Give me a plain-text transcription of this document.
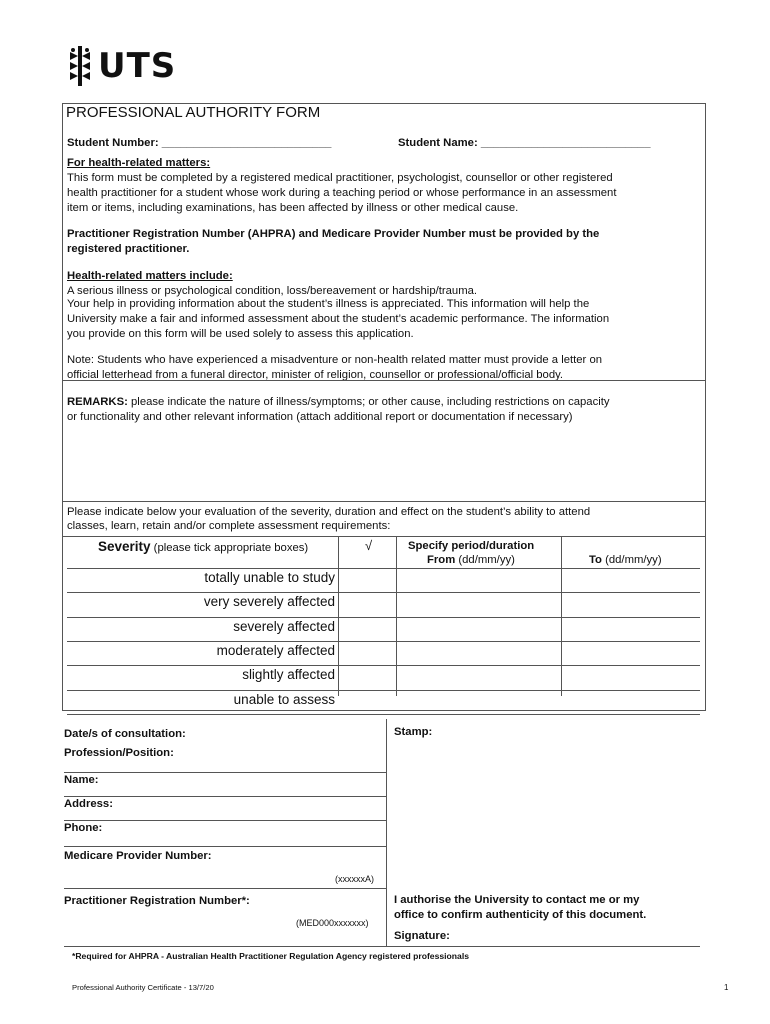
UTS
PROFESSIONAL AUTHORITY FORM
Student Number: ___________________________	Student Name: ___________________________
For health-related matters:
This form must be completed by a registered medical practitioner, psychologist, counsellor or other registered
health practitioner for a student whose work during a teaching period or whose performance in an assessment
item or items, including examinations, has been affected by illness or other medical cause.
Practitioner Registration Number (AHPRA) and Medicare Provider Number must be provided by the
registered practitioner.
Health-related matters include:
A serious illness or psychological condition, loss/bereavement or hardship/trauma.
Your help in providing information about the student’s illness is appreciated. This information will help the
University make a fair and informed assessment about the student’s academic performance. The information
you provide on this form will be used solely to assess this application.
Note: Students who have experienced a misadventure or non-health related matter must provide a letter on
official letterhead from a funeral director, minister of religion, counsellor or professional/official body.
REMARKS: please indicate the nature of illness/symptoms; or other cause, including restrictions on capacity
or functionality and other relevant information (attach additional report or documentation if necessary)
Please indicate below your evaluation of the severity, duration and effect on the student’s ability to attend
classes, learn, retain and/or complete assessment requirements:
Severity (please tick appropriate boxes)	√	Specify period/duration
From (dd/mm/yy)	To (dd/mm/yy)
totally unable to study
very severely affected
severely affected
moderately affected
slightly affected
unable to assess
Date/s of consultation:	Stamp:
Profession/Position:
Name:
Address:
Phone:
Medicare Provider Number:
(xxxxxxA)
Practitioner Registration Number*:
(MED000xxxxxxx)
I authorise the University to contact me or my
office to confirm authenticity of this document.
Signature:
*Required for AHPRA - Australian Health Practitioner Regulation Agency registered professionals
Professional Authority Certificate - 13/7/20	1
